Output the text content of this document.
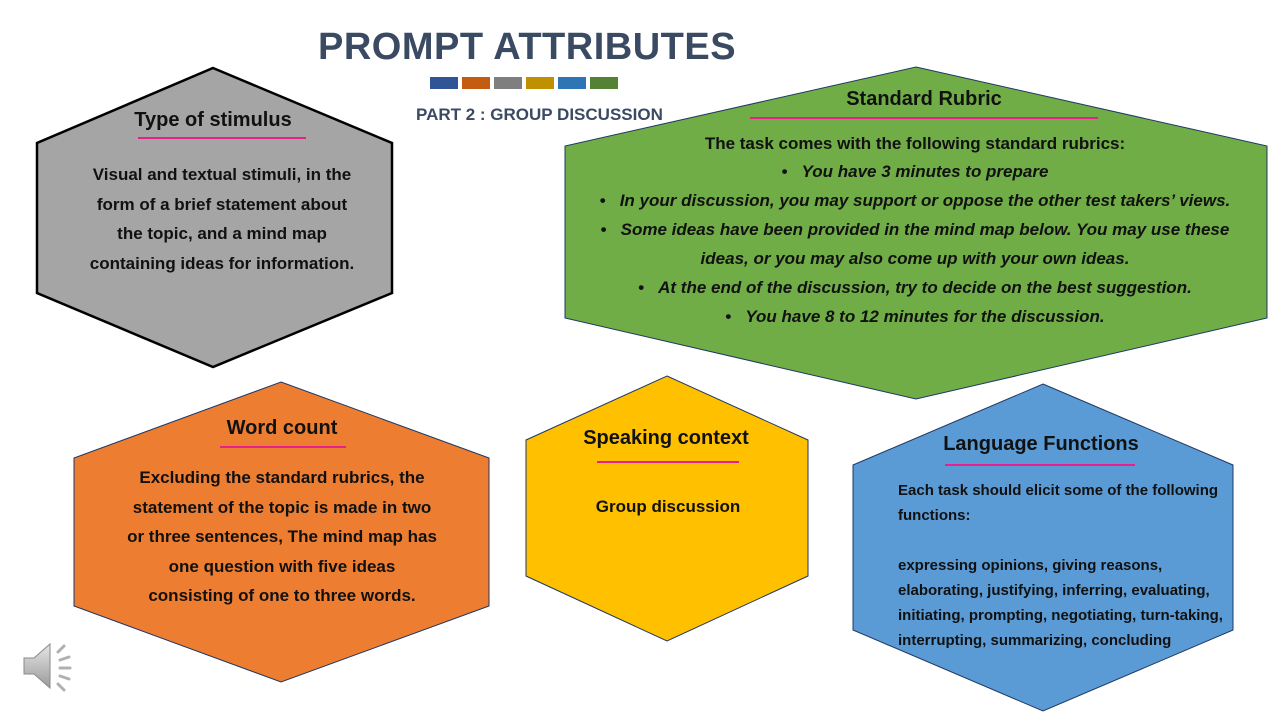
PROMPT ATTRIBUTES
PART 2 : GROUP DISCUSSION
Type of stimulus
Visual and textual stimuli, in the
form of a brief statement about
the topic, and a mind map
containing ideas for information.
Standard Rubric
The task comes with the following standard rubrics:
• You have 3 minutes to prepare
• In your discussion, you may support or oppose the other test takers’ views.
• Some ideas have been provided in the mind map below. You may use these
ideas, or you may also come up with your own ideas.
• At the end of the discussion, try to decide on the best suggestion.
• You have 8 to 12 minutes for the discussion.
Word count
Excluding the standard rubrics, the
statement of the topic is made in two
or three sentences, The mind map has
one question with five ideas
consisting of one to three words.
Speaking context
Group discussion
Language Functions
Each task should elicit some of the following
functions:
expressing opinions, giving reasons,
elaborating, justifying, inferring, evaluating,
initiating, prompting, negotiating, turn-taking,
interrupting, summarizing, concluding
